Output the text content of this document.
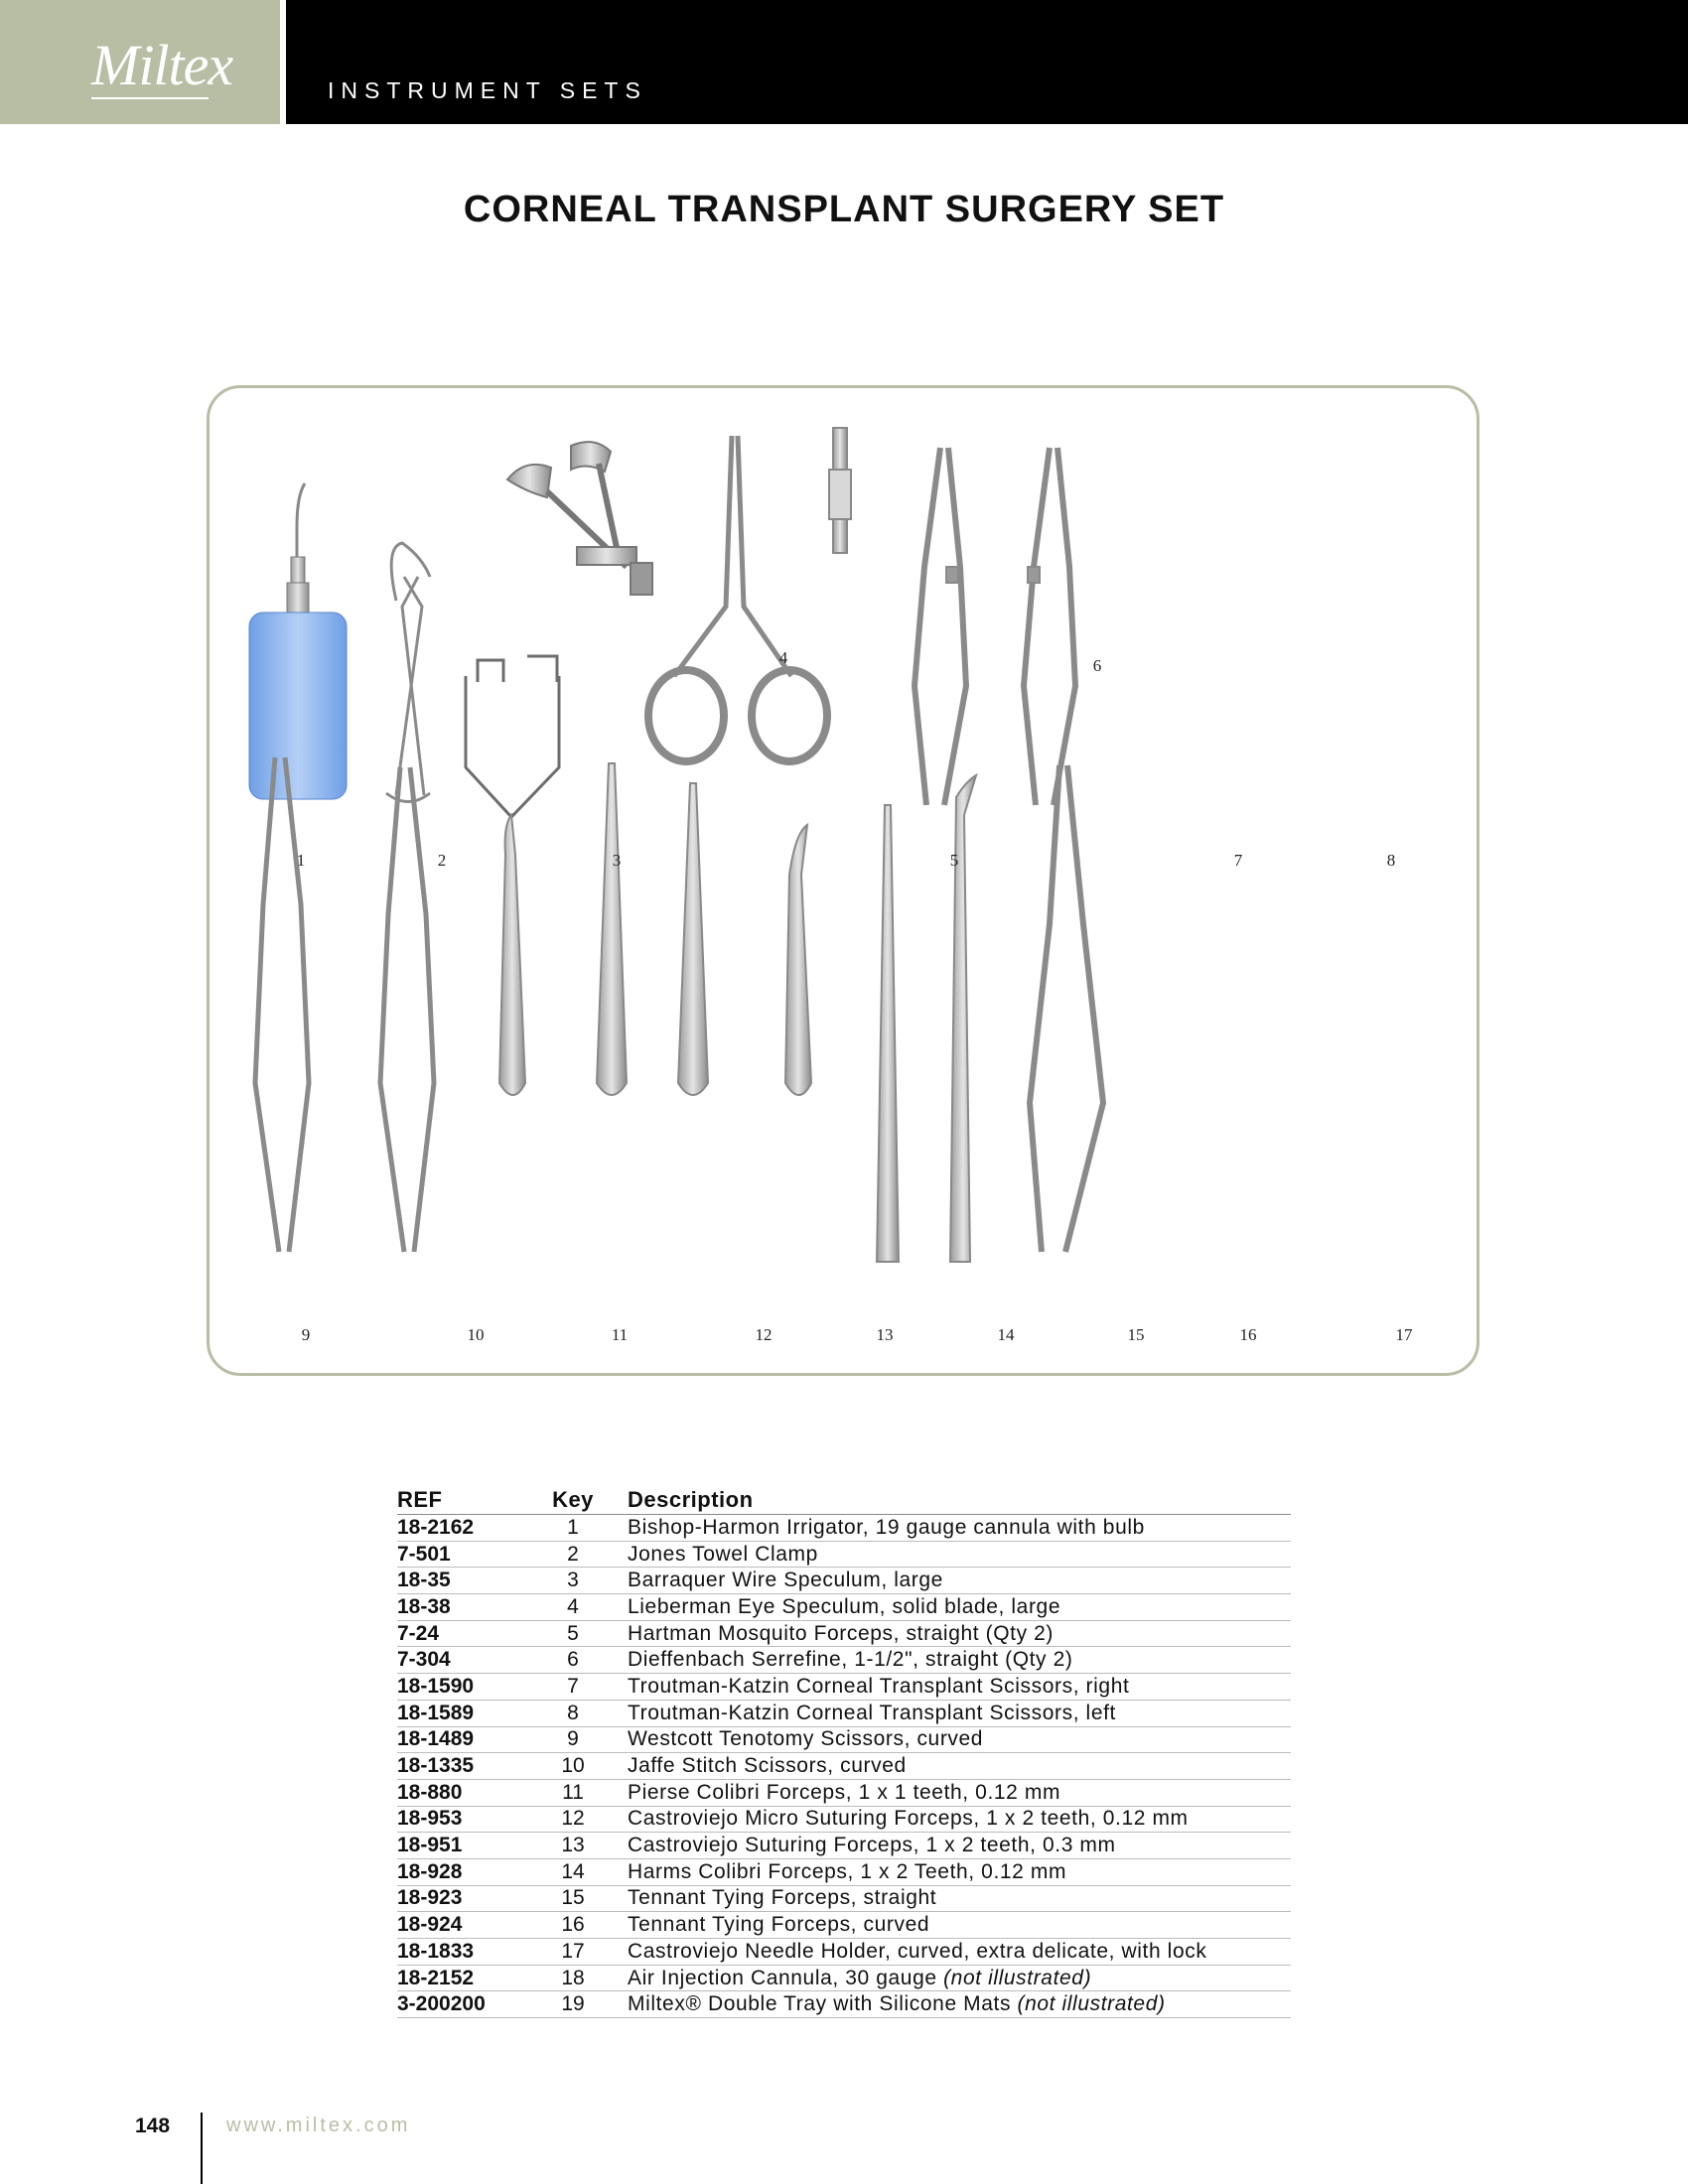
Miltex	INSTRUMENT SETS
CORNEAL TRANSPLANT SURGERY SET
1	2	3
4
5
6
7	8
9	10	11	12	13	14	15	16	17
REF	Key	Description
18-2162	1	Bishop-Harmon Irrigator, 19 gauge cannula with bulb
7-501	2	Jones Towel Clamp
18-35	3	Barraquer Wire Speculum, large
18-38	4	Lieberman Eye Speculum, solid blade, large
7-24	5	Hartman Mosquito Forceps, straight (Qty 2)
7-304	6	Dieffenbach Serrefine, 1-1/2", straight (Qty 2)
18-1590	7	Troutman-Katzin Corneal Transplant Scissors, right
18-1589	8	Troutman-Katzin Corneal Transplant Scissors, left
18-1489	9	Westcott Tenotomy Scissors, curved
18-1335	10	Jaffe Stitch Scissors, curved
18-880	11	Pierse Colibri Forceps, 1 x 1 teeth, 0.12 mm
18-953	12	Castroviejo Micro Suturing Forceps, 1 x 2 teeth, 0.12 mm
18-951	13	Castroviejo Suturing Forceps, 1 x 2 teeth, 0.3 mm
18-928	14	Harms Colibri Forceps, 1 x 2 Teeth, 0.12 mm
18-923	15	Tennant Tying Forceps, straight
18-924	16	Tennant Tying Forceps, curved
18-1833	17	Castroviejo Needle Holder, curved, extra delicate, with lock
18-2152	18	Air Injection Cannula, 30 gauge (not illustrated)
3-200200	19	Miltex® Double Tray with Silicone Mats (not illustrated)
148	www.miltex.com
